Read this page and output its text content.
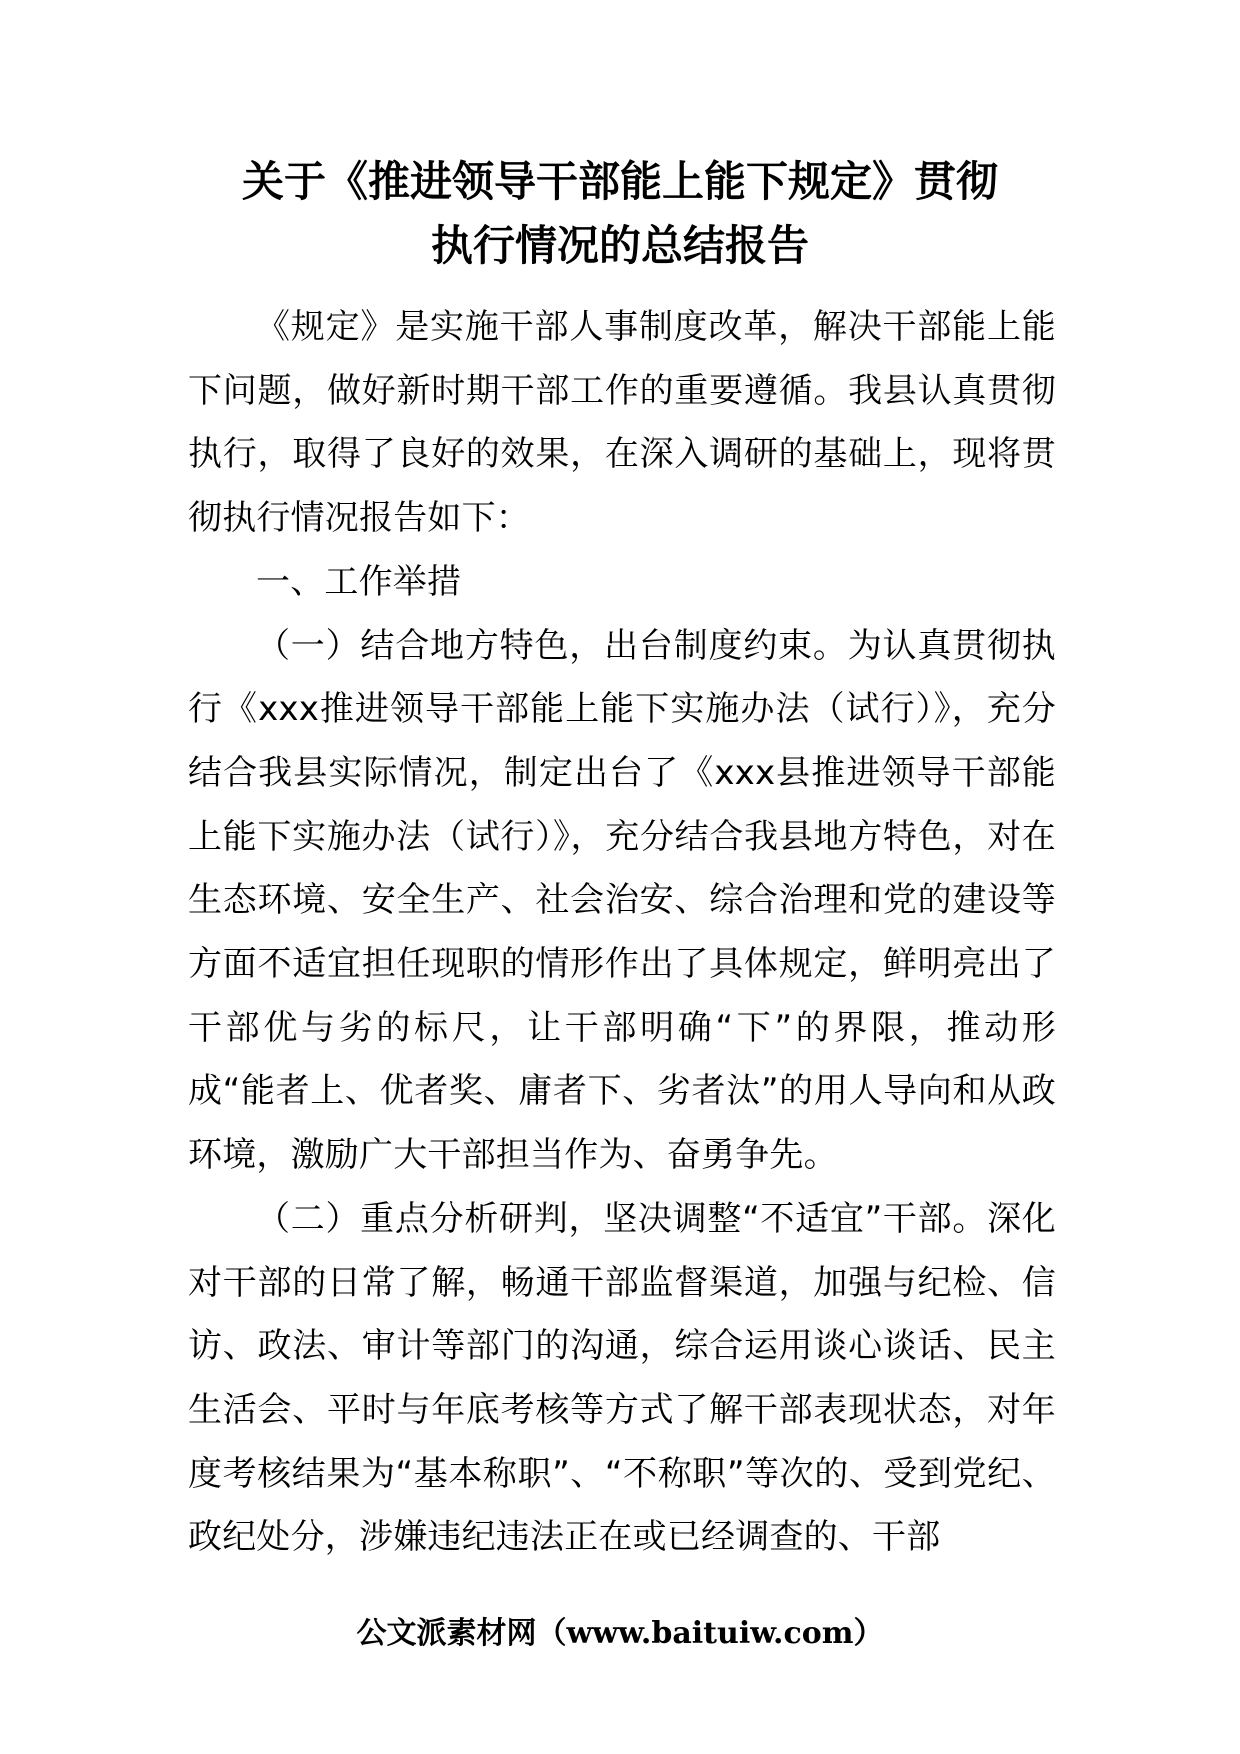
关于《推进领导干部能上能下规定》贯彻
执行情况的总结报告

《规定》是实施干部人事制度改革，解决干部能上能下问题，做好新时期干部工作的重要遵循。我县认真贯彻执行，取得了良好的效果，在深入调研的基础上，现将贯彻执行情况报告如下：

一、工作举措

（一）结合地方特色，出台制度约束。为认真贯彻执行《xxx推进领导干部能上能下实施办法（试行）》，充分结合我县实际情况，制定出台了《xxx县推进领导干部能上能下实施办法（试行）》，充分结合我县地方特色，对在生态环境、安全生产、社会治安、综合治理和党的建设等方面不适宜担任现职的情形作出了具体规定，鲜明亮出了干部优与劣的标尺，让干部明确“下”的界限，推动形成“能者上、优者奖、庸者下、劣者汰”的用人导向和从政环境，激励广大干部担当作为、奋勇争先。

（二）重点分析研判，坚决调整“不适宜”干部。深化对干部的日常了解，畅通干部监督渠道，加强与纪检、信访、政法、审计等部门的沟通，综合运用谈心谈话、民主生活会、平时与年底考核等方式了解干部表现状态，对年度考核结果为“基本称职”、“不称职”等次的、受到党纪、政纪处分，涉嫌违纪违法正在或已经调查的、干部

公文派素材网（www.baituiw.com）
